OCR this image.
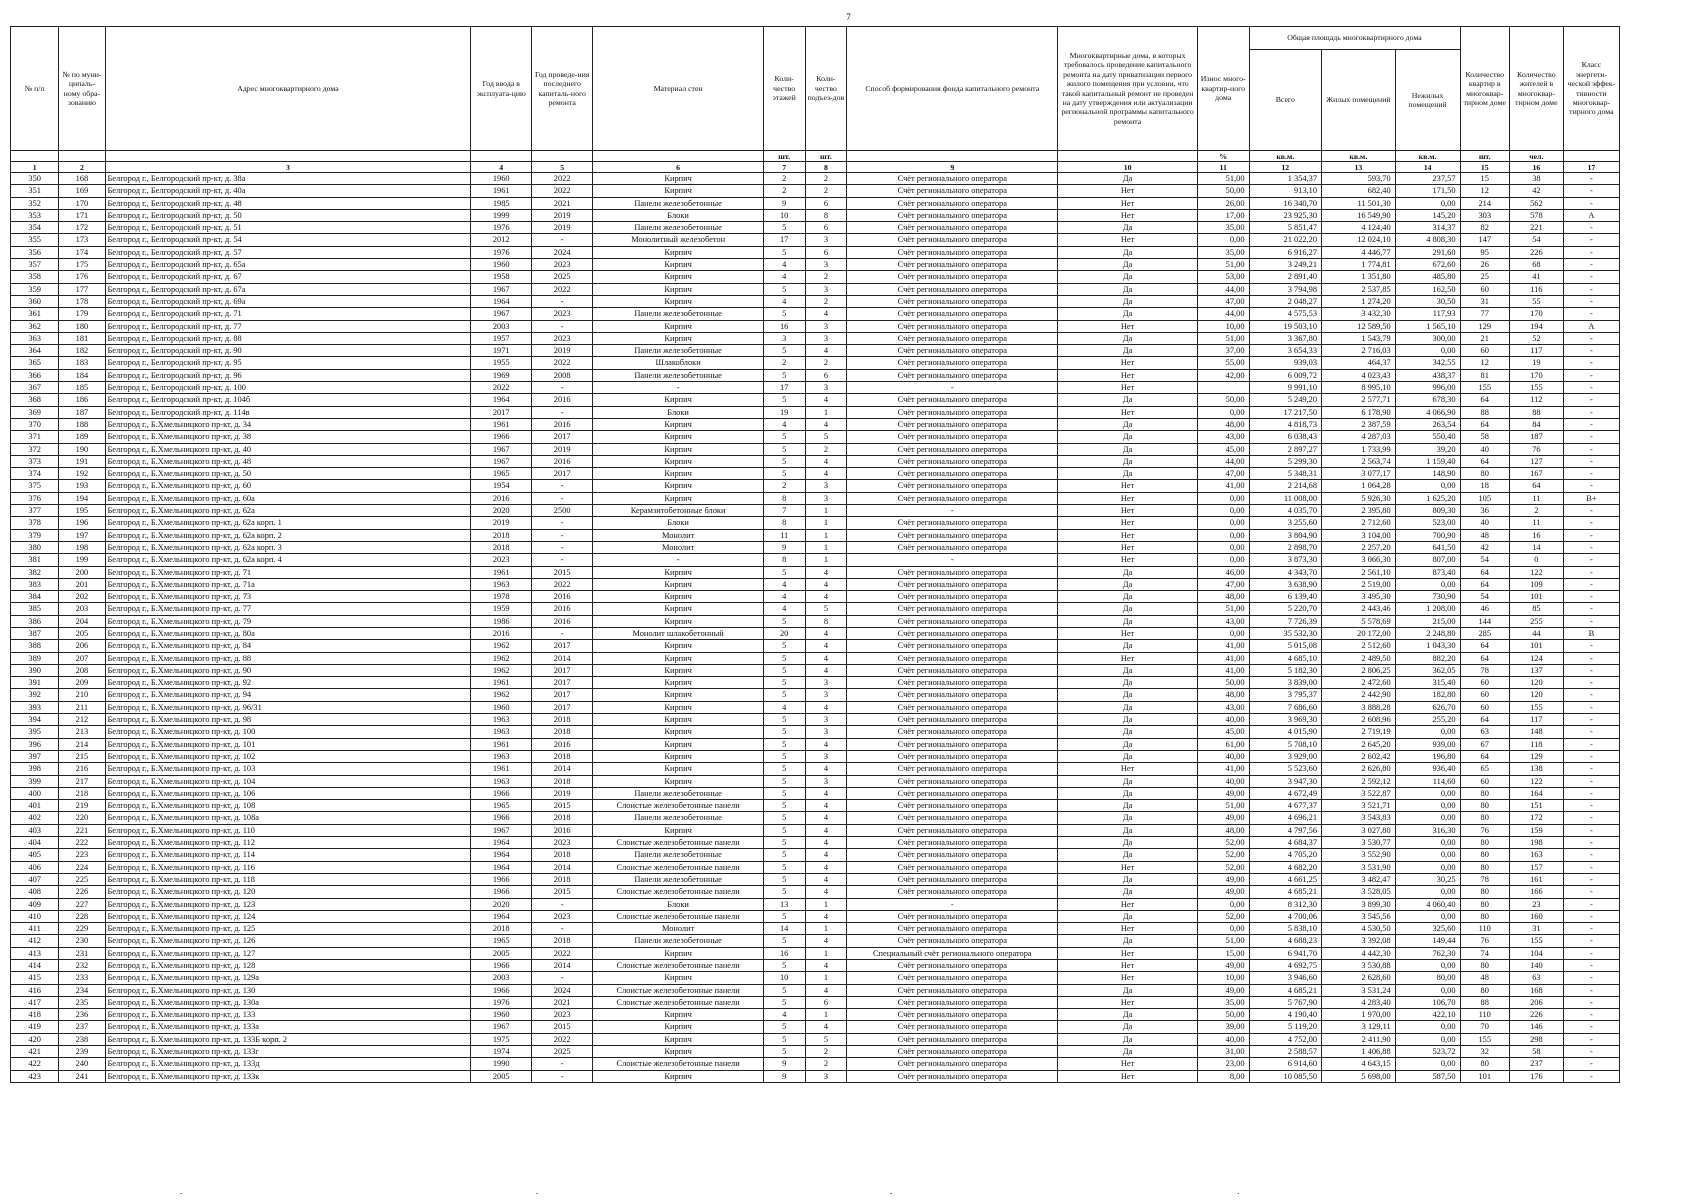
7
№ п/п	№ по муни-ципаль-ному обра-зованию	Адрес многоквартирного дома	Год ввода в эксплуата-цию	Год проведе-ния последнего капиталь-ного ремонта	Материал стен	Коли-чество этажей	Коли-чество подъез-дов	Способ формирования фонда капитального ремонта	Многоквартирные дома, в которых требовалось проведение капитального ремонта на дату приватизации первого жилого помещения при условии, что такой капитальный ремонт не проведен на дату утверждения или актуализации региональной программы капитального ремонта	Износ много-квартир-ного дома	Общая площадь многоквартирного дома			Количество квартир в многоквар-тирном доме	Количество жителей в многоквар-тирном доме	Класс энергети-ческой эффек-тивности многоквар-тирного дома
											Всего	Жилых помещений	Нежилых помещений			
						шт.	шт.			%	кв.м.	кв.м.	кв.м.	шт.	чел.	
1	2	3	4	5	6	7	8	9	10	11	12	13	14	15	16	17
350	168	Белгород г., Белгородский пр-кт, д. 38а	1960	2022	Кирпич	2	2	Счёт регионального оператора	Да	51,00	1 354,37	593,70	237,57	15	38	-
351	169	Белгород г., Белгородский пр-кт, д. 40а	1961	2022	Кирпич	2	2	Счёт регионального оператора	Нет	50,00	913,10	682,40	171,50	12	42	-
352	170	Белгород г., Белгородский пр-кт, д. 48	1985	2021	Панели железобетонные	9	6	Счёт регионального оператора	Нет	26,00	16 340,70	11 501,30	0,00	214	562	-
353	171	Белгород г., Белгородский пр-кт, д. 50	1999	2019	Блоки	10	8	Счёт регионального оператора	Нет	17,00	23 925,30	16 549,90	145,20	303	578	А
354	172	Белгород г., Белгородский пр-кт, д. 51	1976	2019	Панели железобетонные	5	6	Счёт регионального оператора	Да	35,00	5 851,47	4 124,40	314,37	82	221	-
355	173	Белгород г., Белгородский пр-кт, д. 54	2012	-	Монолитный железобетон	17	3	Счёт регионального оператора	Нет	0,00	21 022,20	12 024,10	4 808,30	147	54	-
356	174	Белгород г., Белгородский пр-кт, д. 57	1976	2024	Кирпич	5	6	Счёт регионального оператора	Да	35,00	6 916,27	4 446,77	291,60	95	226	-
357	175	Белгород г., Белгородский пр-кт, д. 65а	1960	2023	Кирпич	4	3	Счёт регионального оператора	Да	51,00	3 249,21	1 774,81	672,60	26	68	-
358	176	Белгород г., Белгородский пр-кт, д. 67	1958	2025	Кирпич	4	2	Счёт регионального оператора	Да	53,00	2 891,40	1 351,80	485,80	25	41	-
359	177	Белгород г., Белгородский пр-кт, д. 67а	1967	2022	Кирпич	5	3	Счёт регионального оператора	Да	44,00	3 794,98	2 537,85	162,50	60	116	-
360	178	Белгород г., Белгородский пр-кт, д. 69а	1964	-	Кирпич	4	2	Счёт регионального оператора	Да	47,00	2 048,27	1 274,20	30,50	31	55	-
361	179	Белгород г., Белгородский пр-кт, д. 71	1967	2023	Панели железобетонные	5	4	Счёт регионального оператора	Да	44,00	4 575,53	3 432,30	117,93	77	170	-
362	180	Белгород г., Белгородский пр-кт, д. 77	2003	-	Кирпич	16	3	Счёт регионального оператора	Нет	10,00	19 503,10	12 589,50	1 565,10	129	194	А
363	181	Белгород г., Белгородский пр-кт, д. 88	1957	2023	Кирпич	3	3	Счёт регионального оператора	Да	51,00	3 367,80	1 543,79	300,00	21	52	-
364	182	Белгород г., Белгородский пр-кт, д. 90	1971	2019	Панели железобетонные	5	4	Счёт регионального оператора	Да	37,00	3 654,33	2 716,03	0,00	60	117	-
365	183	Белгород г., Белгородский пр-кт, д. 95	1955	2022	Шлакоблоки	2	2	Счёт регионального оператора	Нет	55,00	939,03	464,37	342,55	12	19	-
366	184	Белгород г., Белгородский пр-кт, д. 96	1969	2008	Панели железобетонные	5	6	Счёт регионального оператора	Нет	42,00	6 009,72	4 023,43	438,37	81	170	-
367	185	Белгород г., Белгородский пр-кт, д. 100	2022	-	-	17	3	-	Нет		9 991,10	8 995,10	996,00	155	155	-
368	186	Белгород г., Белгородский пр-кт, д. 104б	1964	2016	Кирпич	5	4	Счёт регионального оператора	Да	50,00	5 249,20	2 577,71	678,30	64	112	-
369	187	Белгород г., Белгородский пр-кт, д. 114в	2017	-	Блоки	19	1	Счёт регионального оператора	Нет	0,00	17 217,50	6 178,90	4 066,90	88	88	-
370	188	Белгород г., Б.Хмельницкого пр-кт, д. 34	1961	2016	Кирпич	4	4	Счёт регионального оператора	Да	48,00	4 818,73	2 387,59	263,54	64	84	-
371	189	Белгород г., Б.Хмельницкого пр-кт, д. 38	1966	2017	Кирпич	5	5	Счёт регионального оператора	Да	43,00	6 038,43	4 287,03	550,40	58	187	-
372	190	Белгород г., Б.Хмельницкого пр-кт, д. 40	1967	2019	Кирпич	5	2	Счёт регионального оператора	Да	45,00	2 897,27	1 733,99	39,20	40	76	-
373	191	Белгород г., Б.Хмельницкого пр-кт, д. 48	1967	2016	Кирпич	5	4	Счёт регионального оператора	Да	44,00	5 299,30	2 563,74	1 159,40	64	127	-
374	192	Белгород г., Б.Хмельницкого пр-кт, д. 50	1965	2017	Кирпич	5	4	Счёт регионального оператора	Да	47,00	5 348,31	3 077,17	148,90	80	167	-
375	193	Белгород г., Б.Хмельницкого пр-кт, д. 60	1954	-	Кирпич	2	3	Счёт регионального оператора	Нет	41,00	2 214,68	1 064,28	0,00	18	64	-
376	194	Белгород г., Б.Хмельницкого пр-кт, д. 60а	2016	-	Кирпич	8	3	Счёт регионального оператора	Нет	0,00	11 008,00	5 926,30	1 625,20	105	11	В+
377	195	Белгород г., Б.Хмельницкого пр-кт, д. 62а	2020	2500	Керамзитобетонные блоки	7	1	-	Нет	0,00	4 035,70	2 395,80	809,30	36	2	-
378	196	Белгород г., Б.Хмельницкого пр-кт, д. 62а корп. 1	2019	-	Блоки	8	1	Счёт регионального оператора	Нет	0,00	3 255,60	2 712,60	523,00	40	11	-
379	197	Белгород г., Б.Хмельницкого пр-кт, д. 62а корп. 2	2018	-	Монолит	11	1	Счёт регионального оператора	Нет	0,00	3 804,90	3 104,00	700,90	48	16	-
380	198	Белгород г., Б.Хмельницкого пр-кт, д. 62а корп. 3	2018	-	Монолит	9	1	Счёт регионального оператора	Нет	0,00	2 898,70	2 257,20	641,50	42	14	-
381	199	Белгород г., Б.Хмельницкого пр-кт, д. 62а корп. 4	2023	-	-	8	1	-	Нет	0,00	3 873,30	3 066,30	807,00	54	0	-
382	200	Белгород г., Б.Хмельницкого пр-кт, д. 71	1961	2015	Кирпич	5	4	Счёт регионального оператора	Да	46,00	4 343,70	2 561,10	873,40	64	122	-
383	201	Белгород г., Б.Хмельницкого пр-кт, д. 71а	1963	2022	Кирпич	4	4	Счёт регионального оператора	Да	47,00	3 638,90	2 519,00	0,00	64	109	-
384	202	Белгород г., Б.Хмельницкого пр-кт, д. 73	1978	2016	Кирпич	4	4	Счёт регионального оператора	Да	48,00	6 139,40	3 495,30	730,90	54	101	-
385	203	Белгород г., Б.Хмельницкого пр-кт, д. 77	1959	2016	Кирпич	4	5	Счёт регионального оператора	Да	51,00	5 220,70	2 443,46	1 208,00	46	85	-
386	204	Белгород г., Б.Хмельницкого пр-кт, д. 79	1986	2016	Кирпич	5	8	Счёт регионального оператора	Да	43,00	7 726,39	5 578,69	215,00	144	255	-
387	205	Белгород г., Б.Хмельницкого пр-кт, д. 80а	2016	-	Монолит шлакобетонный	20	4	Счёт регионального оператора	Нет	0,00	35 532,30	20 172,00	2 248,80	285	44	В
388	206	Белгород г., Б.Хмельницкого пр-кт, д. 84	1962	2017	Кирпич	5	4	Счёт регионального оператора	Да	41,00	5 015,08	2 512,60	1 043,30	64	101	-
389	207	Белгород г., Б.Хмельницкого пр-кт, д. 88	1962	2014	Кирпич	5	4	Счёт регионального оператора	Нет	41,00	4 685,10	2 489,50	882,20	64	124	-
390	208	Белгород г., Б.Хмельницкого пр-кт, д. 90	1962	2017	Кирпич	5	4	Счёт регионального оператора	Да	41,00	5 182,30	2 806,25	362,05	78	137	-
391	209	Белгород г., Б.Хмельницкого пр-кт, д. 92	1961	2017	Кирпич	5	3	Счёт регионального оператора	Да	50,00	3 839,00	2 472,60	315,40	60	120	-
392	210	Белгород г., Б.Хмельницкого пр-кт, д. 94	1962	2017	Кирпич	5	3	Счёт регионального оператора	Да	48,00	3 795,37	2 442,90	182,80	60	120	-
393	211	Белгород г., Б.Хмельницкого пр-кт, д. 96/31	1960	2017	Кирпич	4	4	Счёт регионального оператора	Да	43,00	7 686,60	3 888,28	626,70	60	155	-
394	212	Белгород г., Б.Хмельницкого пр-кт, д. 98	1963	2018	Кирпич	5	3	Счёт регионального оператора	Да	40,00	3 969,30	2 608,96	255,20	64	117	-
395	213	Белгород г., Б.Хмельницкого пр-кт, д. 100	1963	2018	Кирпич	5	3	Счёт регионального оператора	Да	45,00	4 015,90	2 719,19	0,00	63	148	-
396	214	Белгород г., Б.Хмельницкого пр-кт, д. 101	1961	2016	Кирпич	5	4	Счёт регионального оператора	Да	61,00	5 708,10	2 645,20	939,00	67	118	-
397	215	Белгород г., Б.Хмельницкого пр-кт, д. 102	1963	2018	Кирпич	5	3	Счёт регионального оператора	Да	40,00	3 929,00	2 602,42	196,80	64	129	-
398	216	Белгород г., Б.Хмельницкого пр-кт, д. 103	1961	2014	Кирпич	5	4	Счёт регионального оператора	Нет	41,00	5 523,60	2 626,80	936,40	65	138	-
399	217	Белгород г., Б.Хмельницкого пр-кт, д. 104	1963	2018	Кирпич	5	3	Счёт регионального оператора	Да	40,00	3 947,30	2 592,12	114,60	60	122	-
400	218	Белгород г., Б.Хмельницкого пр-кт, д. 106	1966	2019	Панели железобетонные	5	4	Счёт регионального оператора	Да	49,00	4 672,49	3 522,87	0,00	80	164	-
401	219	Белгород г., Б.Хмельницкого пр-кт, д. 108	1965	2015	Слоистые железобетонные панели	5	4	Счёт регионального оператора	Да	51,00	4 677,37	3 521,71	0,00	80	151	-
402	220	Белгород г., Б.Хмельницкого пр-кт, д. 108а	1966	2018	Панели железобетонные	5	4	Счёт регионального оператора	Да	49,00	4 696,21	3 543,83	0,00	80	172	-
403	221	Белгород г., Б.Хмельницкого пр-кт, д. 110	1967	2016	Кирпич	5	4	Счёт регионального оператора	Да	48,00	4 797,56	3 027,80	316,30	76	159	-
404	222	Белгород г., Б.Хмельницкого пр-кт, д. 112	1964	2023	Слоистые железобетонные панели	5	4	Счёт регионального оператора	Да	52,00	4 684,37	3 530,77	0,00	80	198	-
405	223	Белгород г., Б.Хмельницкого пр-кт, д. 114	1964	2018	Панели железобетонные	5	4	Счёт регионального оператора	Да	52,00	4 705,20	3 552,90	0,00	80	163	-
406	224	Белгород г., Б.Хмельницкого пр-кт, д. 116	1964	2014	Слоистые железобетонные панели	5	4	Счёт регионального оператора	Нет	52,00	4 682,20	3 531,90	0,00	80	157	-
407	225	Белгород г., Б.Хмельницкого пр-кт, д. 118	1966	2018	Панели железобетонные	5	4	Счёт регионального оператора	Да	49,00	4 661,25	3 482,47	30,25	78	161	-
408	226	Белгород г., Б.Хмельницкого пр-кт, д. 120	1966	2015	Слоистые железобетонные панели	5	4	Счёт регионального оператора	Да	49,00	4 685,21	3 528,05	0,00	80	166	-
409	227	Белгород г., Б.Хмельницкого пр-кт, д. 123	2020	-	Блоки	13	1	-	Нет	0,00	8 312,30	3 899,30	4 060,40	80	23	-
410	228	Белгород г., Б.Хмельницкого пр-кт, д. 124	1964	2023	Слоистые железобетонные панели	5	4	Счёт регионального оператора	Да	52,00	4 700,06	3 545,56	0,00	80	160	-
411	229	Белгород г., Б.Хмельницкого пр-кт, д. 125	2018	-	Монолит	14	1	Счёт регионального оператора	Нет	0,00	5 838,10	4 530,50	325,60	110	31	-
412	230	Белгород г., Б.Хмельницкого пр-кт, д. 126	1965	2018	Панели железобетонные	5	4	Счёт регионального оператора	Да	51,00	4 688,23	3 392,08	149,44	76	155	-
413	231	Белгород г., Б.Хмельницкого пр-кт, д. 127	2005	2022	Кирпич	16	1	Специальный счёт регионального оператора	Нет	15,00	6 941,70	4 442,30	762,30	74	104	-
414	232	Белгород г., Б.Хмельницкого пр-кт, д. 128	1966	2014	Слоистые железобетонные панели	5	4	Счёт регионального оператора	Нет	49,00	4 692,75	3 530,88	0,00	80	140	-
415	233	Белгород г., Б.Хмельницкого пр-кт, д. 129а	2003	-	Кирпич	10	1	Счёт регионального оператора	Нет	10,00	3 946,60	2 628,60	80,00	48	63	-
416	234	Белгород г., Б.Хмельницкого пр-кт, д. 130	1966	2024	Слоистые железобетонные панели	5	4	Счёт регионального оператора	Да	49,00	4 685,21	3 531,24	0,00	80	168	-
417	235	Белгород г., Б.Хмельницкого пр-кт, д. 130а	1976	2021	Слоистые железобетонные панели	5	6	Счёт регионального оператора	Нет	35,00	5 767,90	4 283,40	106,70	88	206	-
418	236	Белгород г., Б.Хмельницкого пр-кт, д. 133	1960	2023	Кирпич	4	1	Счёт регионального оператора	Да	50,00	4 190,40	1 970,00	422,10	110	226	-
419	237	Белгород г., Б.Хмельницкого пр-кт, д. 133а	1967	2015	Кирпич	5	4	Счёт регионального оператора	Да	39,00	5 119,20	3 129,11	0,00	70	146	-
420	238	Белгород г., Б.Хмельницкого пр-кт, д. 133Б корп. 2	1975	2022	Кирпич	5	5	Счёт регионального оператора	Да	40,00	4 752,00	2 411,90	0,00	155	298	-
421	239	Белгород г., Б.Хмельницкого пр-кт, д. 133г	1974	2025	Кирпич	5	2	Счёт регионального оператора	Да	31,00	2 588,57	1 406,88	523,72	32	58	-
422	240	Белгород г., Б.Хмельницкого пр-кт, д. 133д	1990	-	Слоистые железобетонные панели	9	2	Счёт регионального оператора	Нет	23,00	6 914,60	4 643,15	0,00	80	237	-
423	241	Белгород г., Б.Хмельницкого пр-кт, д. 133к	2005	-	Кирпич	9	3	Счёт регионального оператора	Нет	8,00	10 085,50	5 698,00	587,50	101	176	-
.	.	.	.
